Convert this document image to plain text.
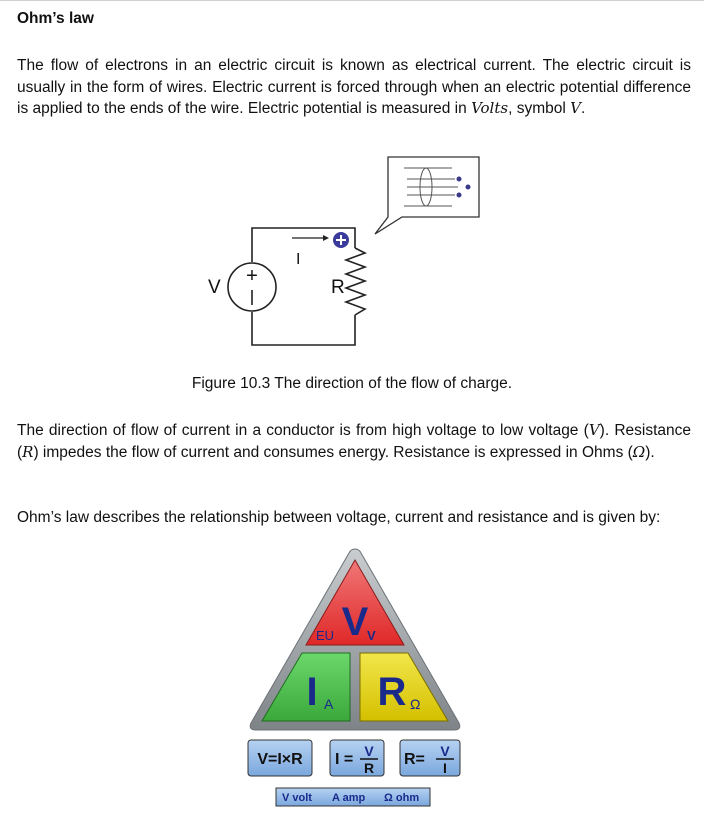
Ohm’s law
The flow of electrons in an electric circuit is known as electrical current. The electric circuit is usually in the form of wires. Electric current is forced through when an electric potential difference is applied to the ends of the wire. Electric potential is measured in Volts, symbol V.
+
V	R
I
Figure 10.3 The direction of the flow of charge.
The direction of flow of current in a conductor is from high voltage to low voltage (V). Resistance (R) impedes the flow of current and consumes energy. Resistance is expressed in Ohms (Ω).
Ohm’s law describes the relationship between voltage, current and resistance and is given by:
V
EU	V
I A R Ω
V=I×R I = V
R R= V
I
V volt A amp Ω ohm
